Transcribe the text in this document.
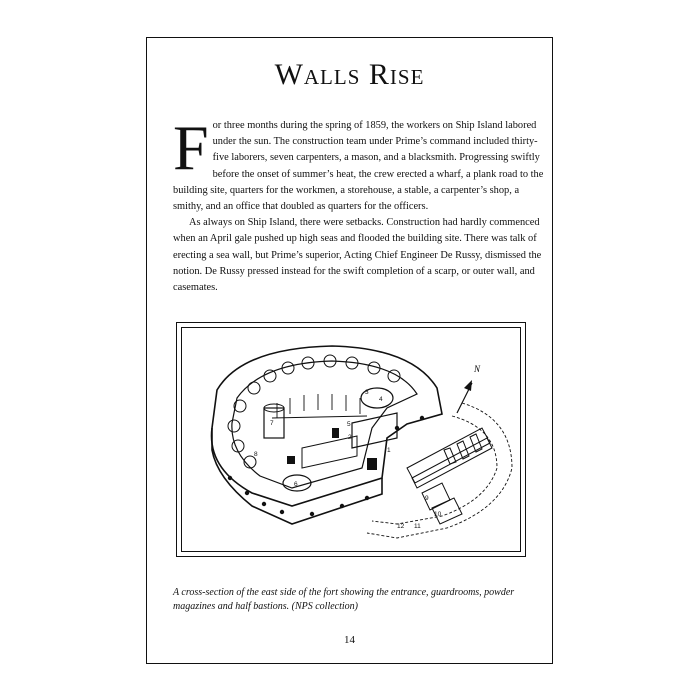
Walls Rise

For three months during the spring of 1859, the workers on Ship Island labored under the sun. The construction team under Prime’s command included thirty-five laborers, seven carpenters, a mason, and a blacksmith. Progressing swiftly before the onset of summer’s heat, the crew erected a wharf, a plank road to the building site, quarters for the workmen, a storehouse, a stable, a carpenter’s shop, a smithy, and an office that doubled as quarters for the officers.

As always on Ship Island, there were setbacks. Construction had hardly commenced when an April gale pushed up high seas and flooded the building site. There was talk of erecting a sea wall, but Prime’s superior, Acting Chief Engineer De Russy, dismissed the notion. De Russy pressed instead for the swift completion of a scarp, or outer wall, and casemates.

N
1
2
3
4
5
6
7
8
9
10
11
12
A cross-section of the east side of the fort showing the entrance, guardrooms, powder magazines and half bastions. (NPS collection)
14
